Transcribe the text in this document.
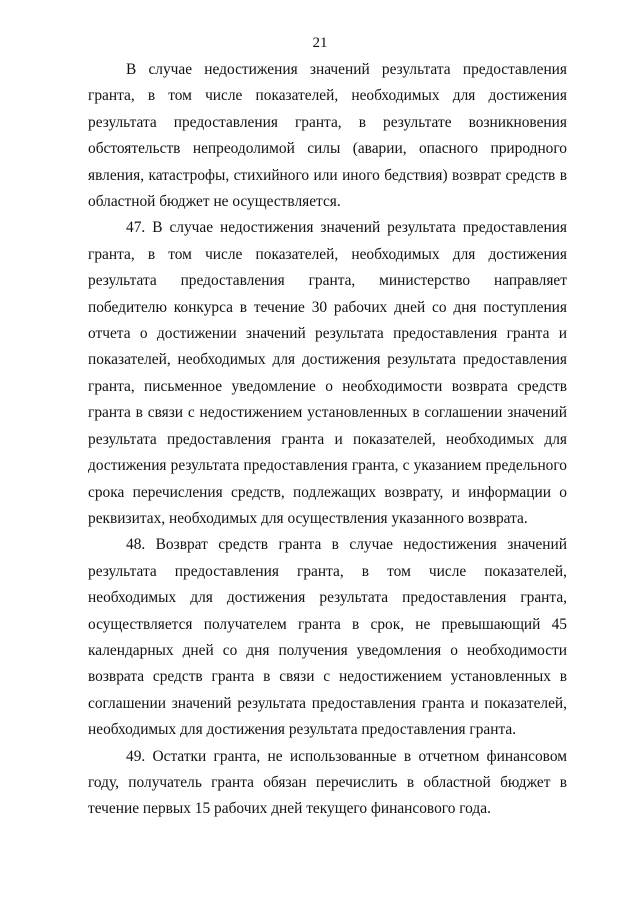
21

В случае недостижения значений результата предоставления гранта, в том числе показателей, необходимых для достижения результата предоставления гранта, в результате возникновения обстоятельств непреодолимой силы (аварии, опасного природного явления, катастрофы, стихийного или иного бедствия) возврат средств в областной бюджет не осуществляется.

47. В случае недостижения значений результата предоставления гранта, в том числе показателей, необходимых для достижения результата предоставления гранта, министерство направляет победителю конкурса в течение 30 рабочих дней со дня поступления отчета о достижении значений результата предоставления гранта и показателей, необходимых для достижения результата предоставления гранта, письменное уведомление о необходимости возврата средств гранта в связи с недостижением установленных в соглашении значений результата предоставления гранта и показателей, необходимых для достижения результата предоставления гранта, с указанием предельного срока перечисления средств, подлежащих возврату, и информации о реквизитах, необходимых для осуществления указанного возврата.

48. Возврат средств гранта в случае недостижения значений результата предоставления гранта, в том числе показателей, необходимых для достижения результата предоставления гранта, осуществляется получателем гранта в срок, не превышающий 45 календарных дней со дня получения уведомления о необходимости возврата средств гранта в связи с недостижением установленных в соглашении значений результата предоставления гранта и показателей, необходимых для достижения результата предоставления гранта.

49. Остатки гранта, не использованные в отчетном финансовом году, получатель гранта обязан перечислить в областной бюджет в течение первых 15 рабочих дней текущего финансового года.
